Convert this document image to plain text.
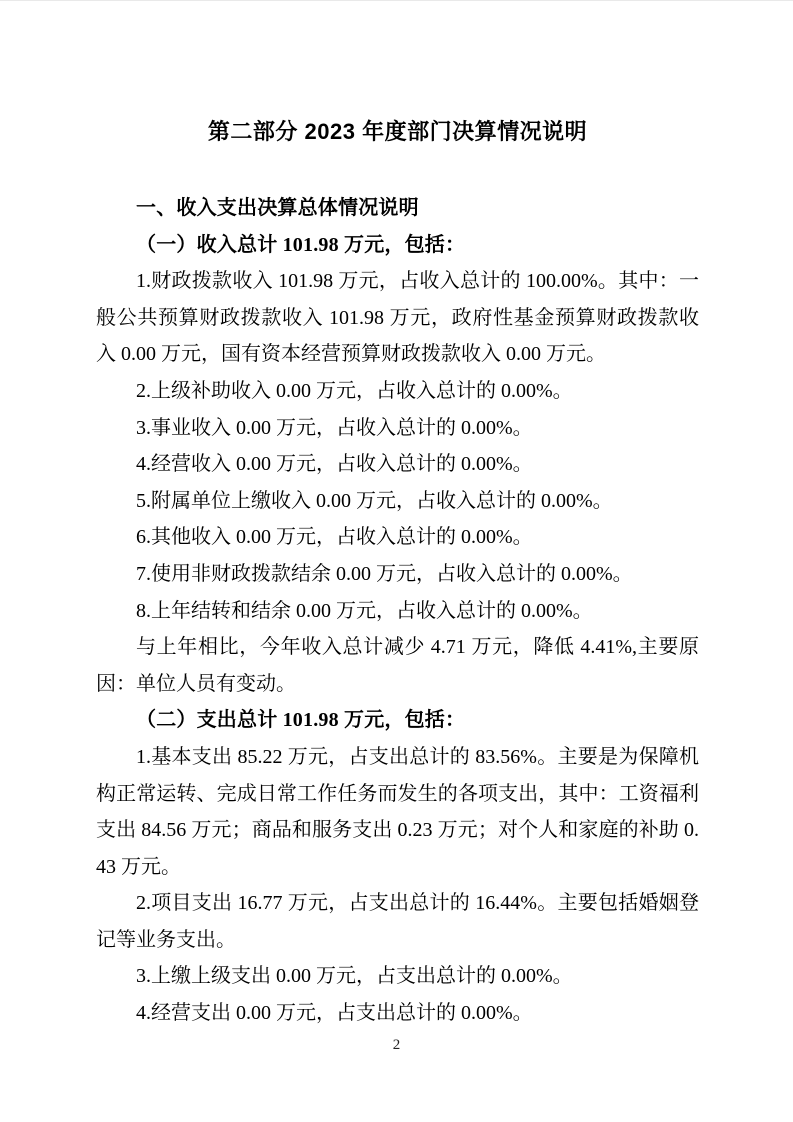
第二部分 2023 年度部门决算情况说明

一、收入支出决算总体情况说明

（一）收入总计 101.98 万元，包括：

1.财政拨款收入 101.98 万元，占收入总计的 100.00%。其中：一般公共预算财政拨款收入 101.98 万元，政府性基金预算财政拨款收入 0.00 万元，国有资本经营预算财政拨款收入 0.00 万元。

2.上级补助收入 0.00 万元，占收入总计的 0.00%。

3.事业收入 0.00 万元，占收入总计的 0.00%。

4.经营收入 0.00 万元，占收入总计的 0.00%。

5.附属单位上缴收入 0.00 万元，占收入总计的 0.00%。

6.其他收入 0.00 万元，占收入总计的 0.00%。

7.使用非财政拨款结余 0.00 万元，占收入总计的 0.00%。

8.上年结转和结余 0.00 万元，占收入总计的 0.00%。

与上年相比，今年收入总计减少 4.71 万元，降低 4.41%,主要原因：单位人员有变动。

（二）支出总计 101.98 万元，包括：

1.基本支出 85.22 万元，占支出总计的 83.56%。主要是为保障机构正常运转、完成日常工作任务而发生的各项支出，其中：工资福利支出 84.56 万元；商品和服务支出 0.23 万元；对个人和家庭的补助 0.43 万元。

2.项目支出 16.77 万元，占支出总计的 16.44%。主要包括婚姻登记等业务支出。

3.上缴上级支出 0.00 万元，占支出总计的 0.00%。

4.经营支出 0.00 万元，占支出总计的 0.00%。

2
